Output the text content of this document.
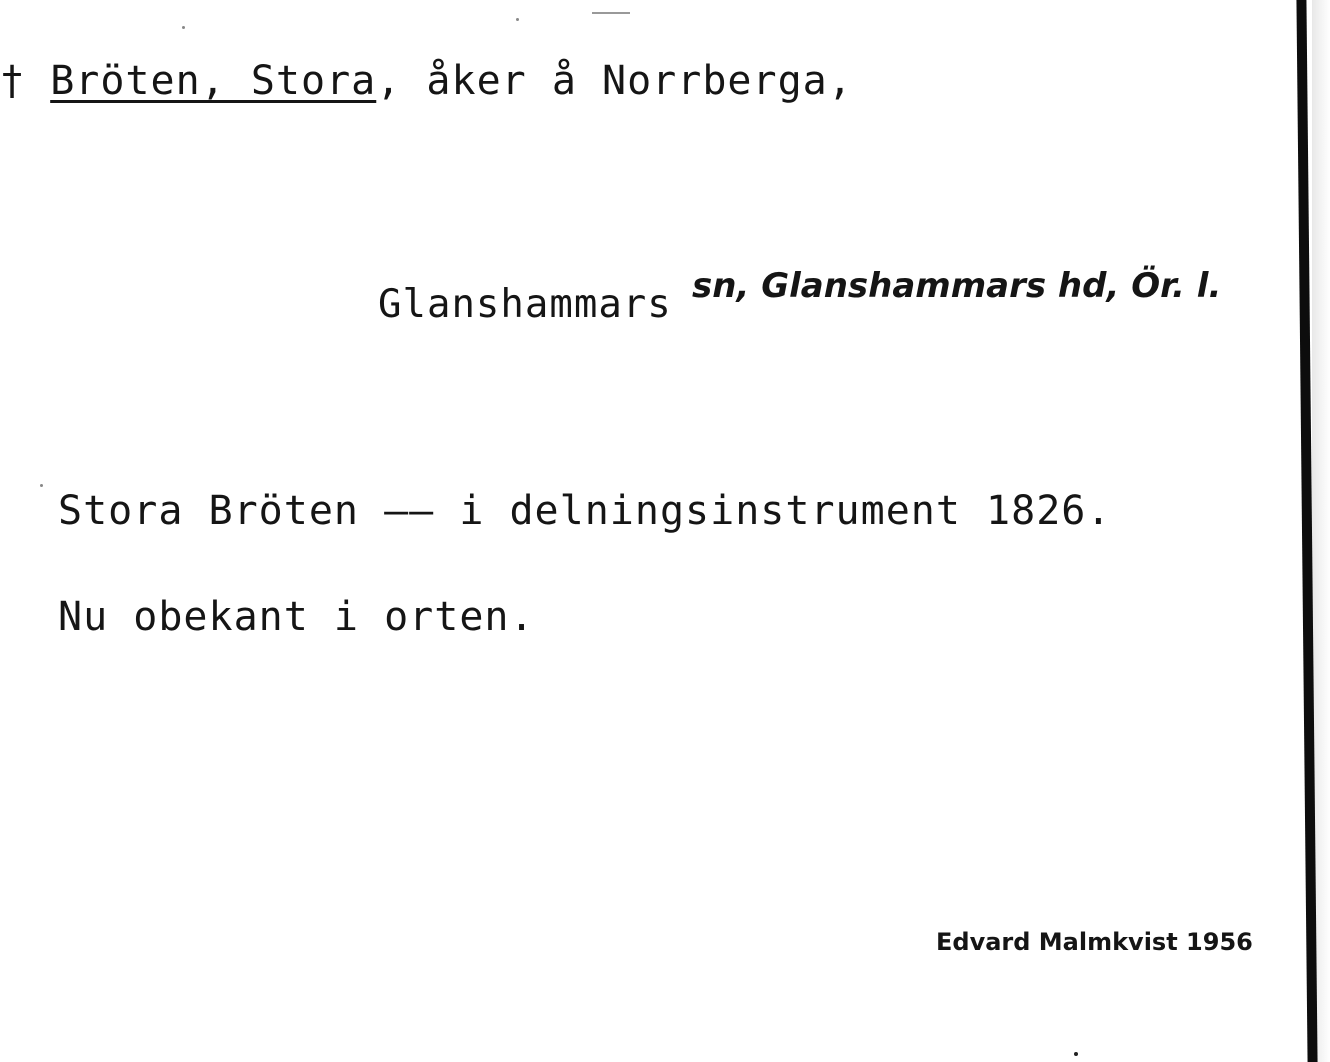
† Bröten, Stora, åker å Norrberga,
Glanshammars sn, Glanshammars hd, Ör. l.
Stora Bröten —— i delningsinstrument 1826.
Nu obekant i orten.
Edvard Malmkvist 1956
